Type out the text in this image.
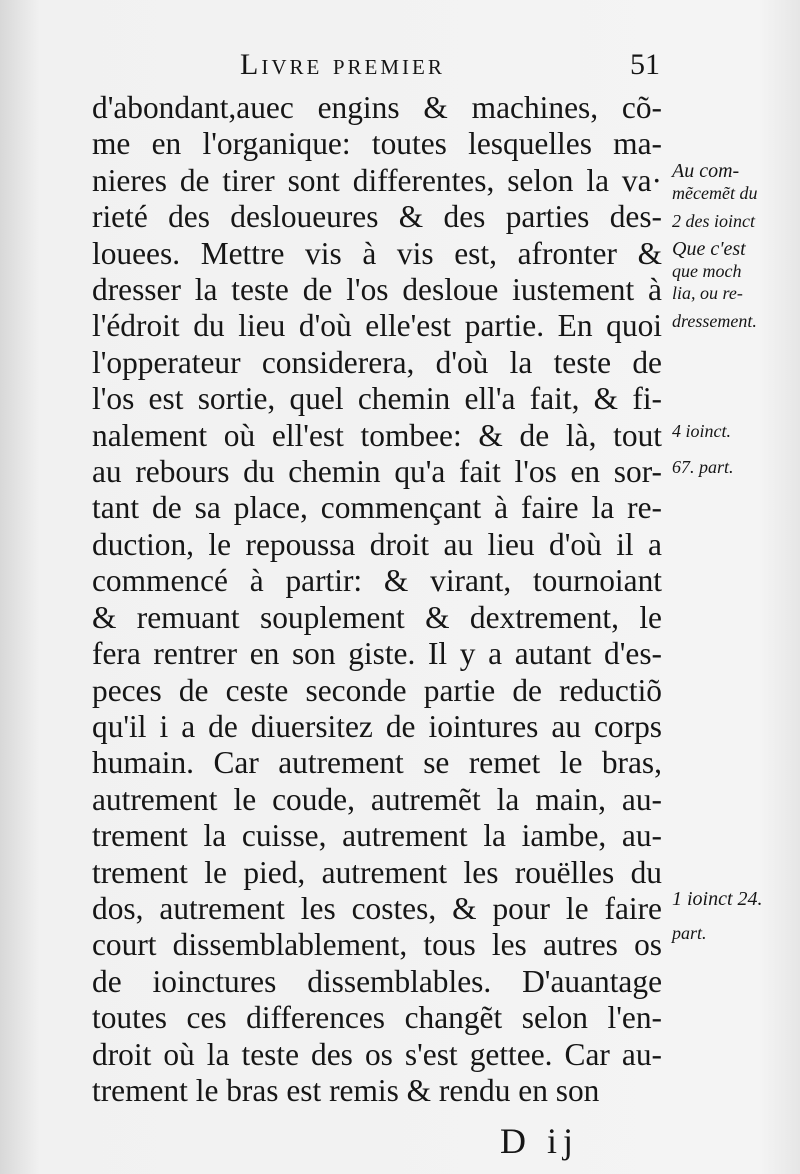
Livre premier	51
d'abondant,auec engins & machines, cõ-
me en l'organique: toutes lesquelles ma-
nieres de tirer sont differentes, selon la va·
rieté des desloueures & des parties des-
louees. Mettre vis à vis est, afronter &
dresser la teste de l'os desloue iustement à
l'édroit du lieu d'où elle'est partie. En quoi
l'opperateur considerera, d'où la teste de
l'os est sortie, quel chemin ell'a fait, & fi-
nalement où ell'est tombee: & de là, tout
au rebours du chemin qu'a fait l'os en sor-
tant de sa place, commençant à faire la re-
duction, le repoussa droit au lieu d'où il a
commencé à partir: & virant, tournoiant
& remuant souplement & dextrement, le
fera rentrer en son giste. Il y a autant d'es-
peces de ceste seconde partie de reductiõ
qu'il i a de diuersitez de iointures au corps
humain. Car autrement se remet le bras,
autrement le coude, autremẽt la main, au-
trement la cuisse, autrement la iambe, au-
trement le pied, autrement les rouëlles du
dos, autrement les costes, & pour le faire
court dissemblablement, tous les autres os
de ioinctures dissemblables. D'auantage
toutes ces differences changẽt selon l'en-
droit où la teste des os s'est gettee. Car au-
trement le bras est remis & rendu en son
Au com-
mẽcemẽt du
2 des ioinct
Que c'est
que moch
lia, ou re-
dressement.
4 ioinct.
67. part.
1 ioinct 24.
part.
D ij
